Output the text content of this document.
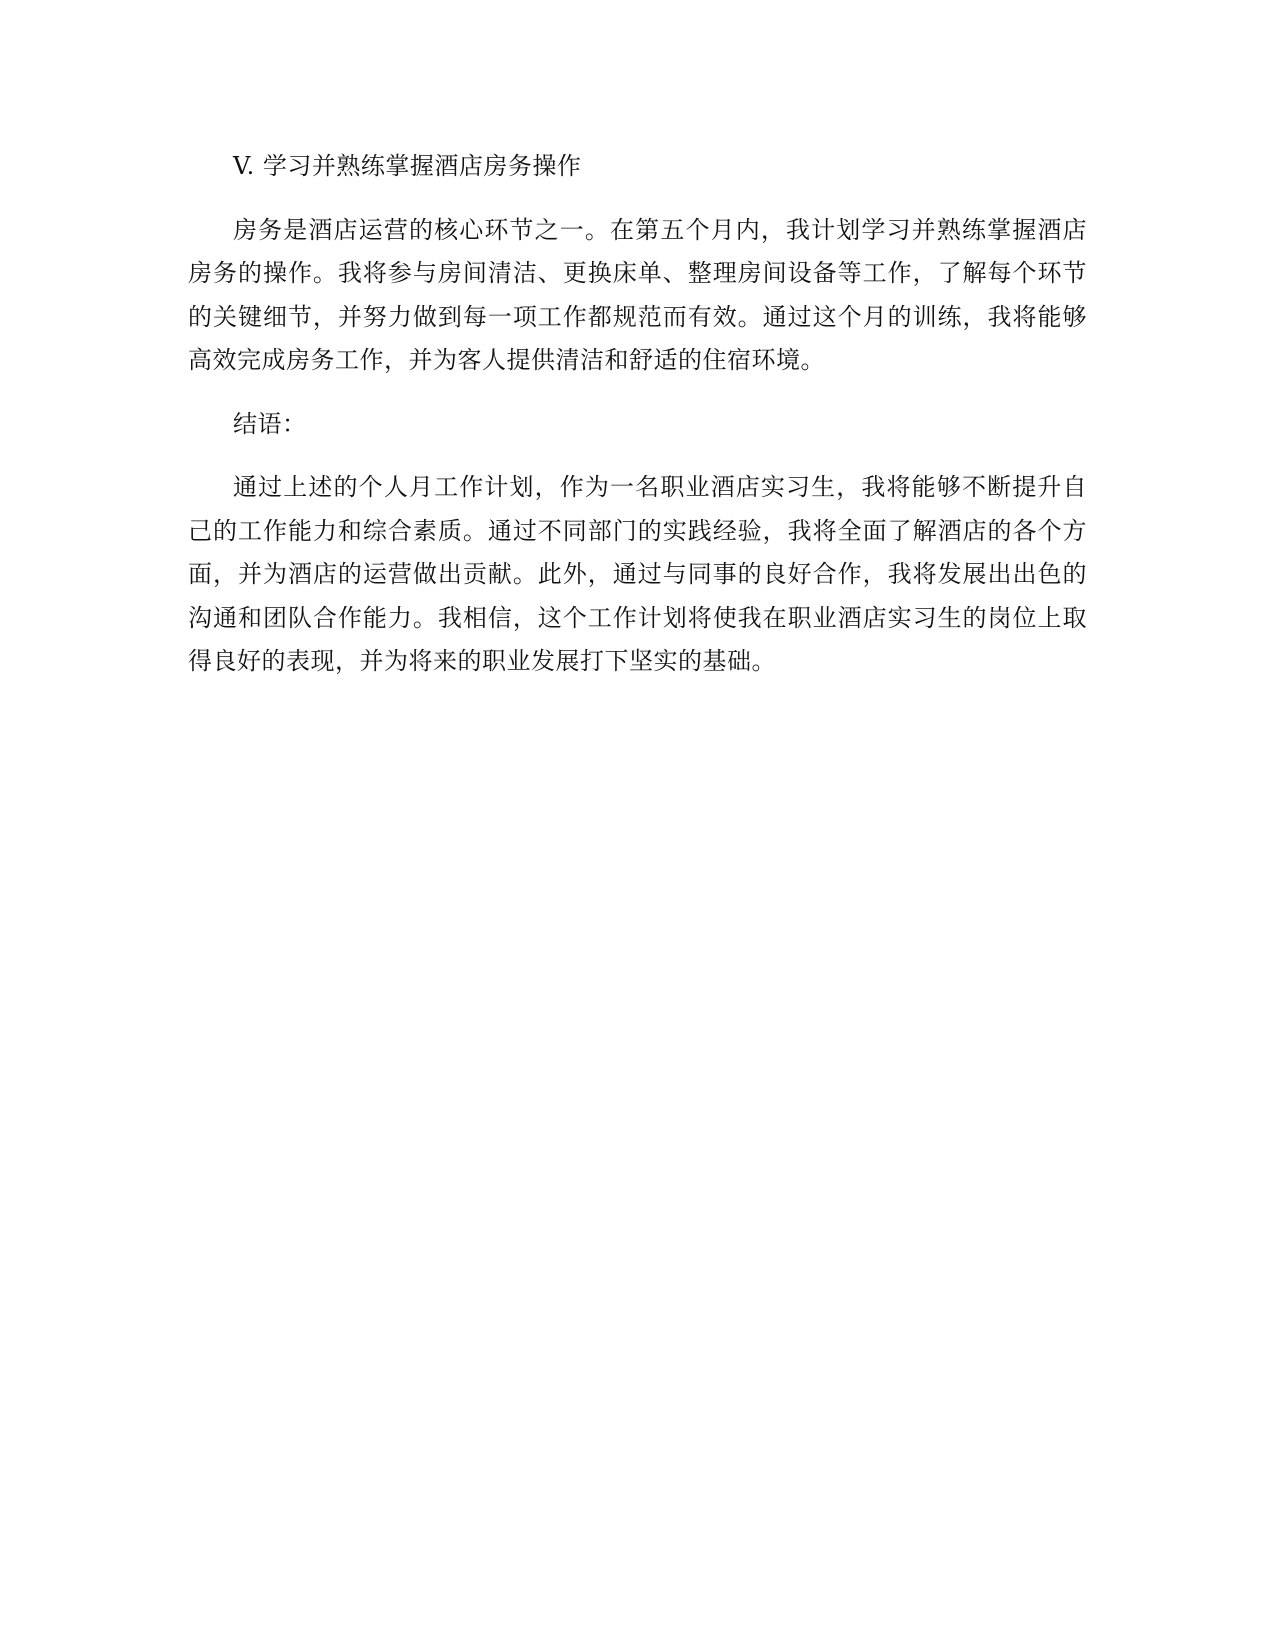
V. 学习并熟练掌握酒店房务操作

房务是酒店运营的核心环节之一。在第五个月内，我计划学习并熟练掌握酒店房务的操作。我将参与房间清洁、更换床单、整理房间设备等工作，了解每个环节的关键细节，并努力做到每一项工作都规范而有效。通过这个月的训练，我将能够高效完成房务工作，并为客人提供清洁和舒适的住宿环境。

结语：

通过上述的个人月工作计划，作为一名职业酒店实习生，我将能够不断提升自己的工作能力和综合素质。通过不同部门的实践经验，我将全面了解酒店的各个方面，并为酒店的运营做出贡献。此外，通过与同事的良好合作，我将发展出出色的沟通和团队合作能力。我相信，这个工作计划将使我在职业酒店实习生的岗位上取得良好的表现，并为将来的职业发展打下坚实的基础。
